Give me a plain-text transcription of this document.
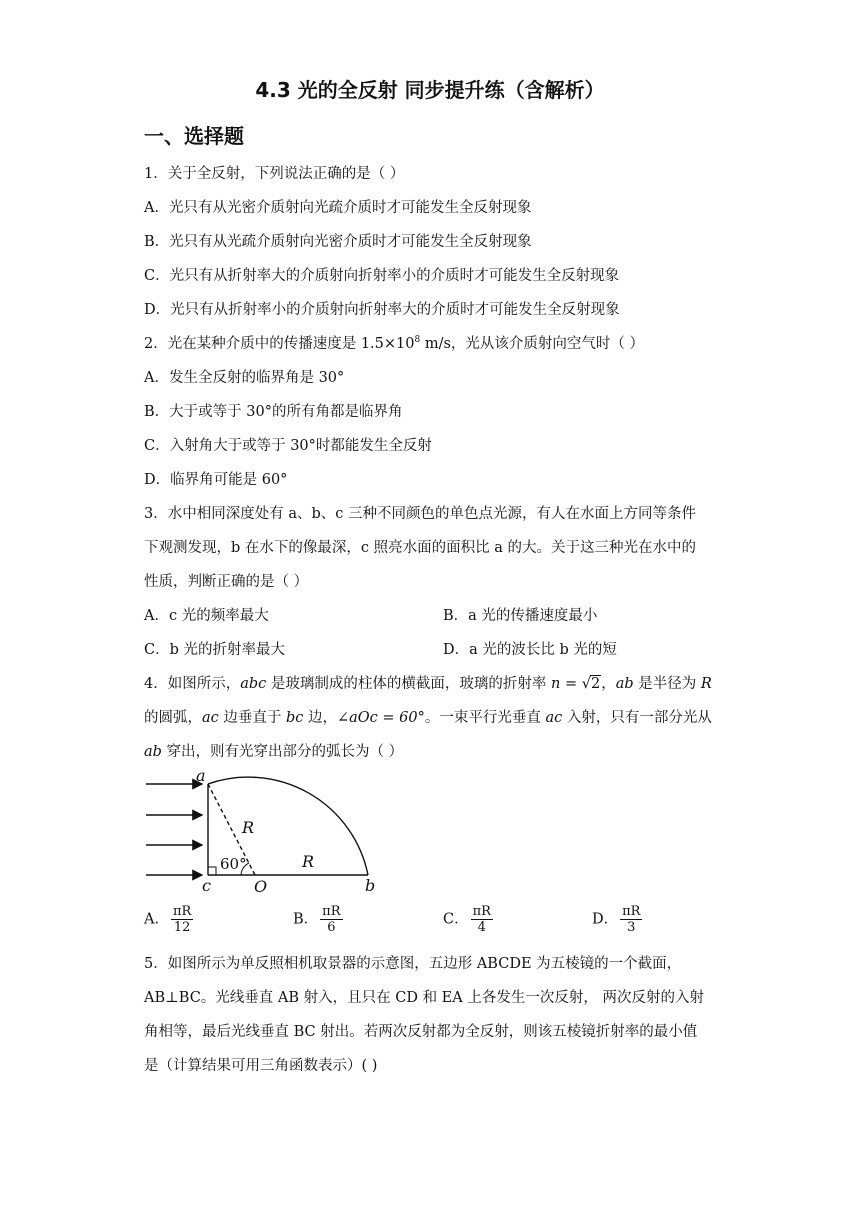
4.3 光的全反射 同步提升练（含解析）
一、选择题
1．关于全反射，下列说法正确的是（ ）
A．光只有从光密介质射向光疏介质时才可能发生全反射现象
B．光只有从光疏介质射向光密介质时才可能发生全反射现象
C．光只有从折射率大的介质射向折射率小的介质时才可能发生全反射现象
D．光只有从折射率小的介质射向折射率大的介质时才可能发生全反射现象
2．光在某种介质中的传播速度是 $1.5\times 10^8$ m/s，光从该介质射向空气时（ ）
A．发生全反射的临界角是 30°
B．大于或等于 30°的所有角都是临界角
C．入射角大于或等于 30°时都能发生全反射
D．临界角可能是 60°
3．水中相同深度处有 a、b、c 三种不同颜色的单色点光源，有人在水面上方同等条件
下观测发现，b 在水下的像最深，c 照亮水面的面积比 a 的大。关于这三种光在水中的
性质，判断正确的是（ ）
A．c 光的频率最大	B．a 光的传播速度最小
C．b 光的折射率最大	D．a 光的波长比 b 光的短
4．如图所示，abc 是玻璃制成的柱体的横截面，玻璃的折射率 n = √2，ab 是半径为 R
的圆弧，ac 边垂直于 bc 边，∠aOc = 60°。一束平行光垂直 ac 入射，只有一部分光从
ab 穿出，则有光穿出部分的弧长为（ ）
a
c	O	b
R
R
60°
A． $\frac{\pi R}{12}$	B． $\frac{\pi R}{6}$	C． $\frac{\pi R}{4}$	D． $\frac{\pi R}{3}$
5．如图所示为单反照相机取景器的示意图，五边形 ABCDE 为五棱镜的一个截面，
AB⊥BC。光线垂直 AB 射入，且只在 CD 和 EA 上各发生一次反射， 两次反射的入射
角相等，最后光线垂直 BC 射出。若两次反射都为全反射，则该五棱镜折射率的最小值
是（计算结果可用三角函数表示）( )
